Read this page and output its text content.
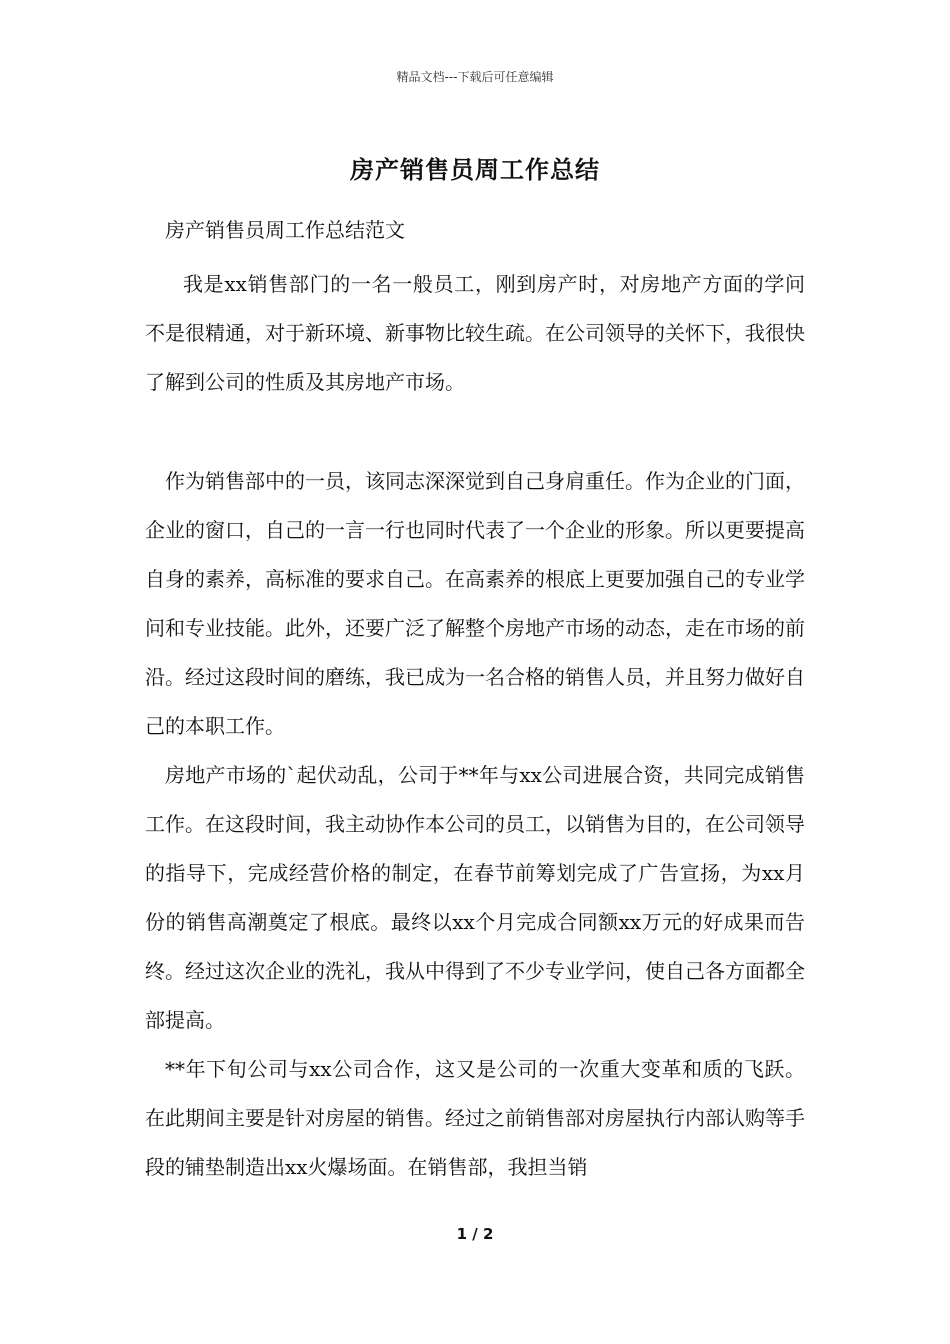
精品文档---下载后可任意编辑
房产销售员周工作总结

房产销售员周工作总结范文

我是xx销售部门的一名一般员工，刚到房产时，对房地产方面的学问不是很精通，对于新环境、新事物比较生疏。在公司领导的关怀下，我很快了解到公司的性质及其房地产市场。

作为销售部中的一员，该同志深深觉到自己身肩重任。作为企业的门面，企业的窗口，自己的一言一行也同时代表了一个企业的形象。所以更要提高自身的素养，高标准的要求自己。在高素养的根底上更要加强自己的专业学问和专业技能。此外，还要广泛了解整个房地产市场的动态，走在市场的前沿。经过这段时间的磨练，我已成为一名合格的销售人员，并且努力做好自己的本职工作。

房地产市场的`起伏动乱，公司于**年与xx公司进展合资，共同完成销售工作。在这段时间，我主动协作本公司的员工，以销售为目的，在公司领导的指导下，完成经营价格的制定，在春节前筹划完成了广告宣扬，为xx月份的销售高潮奠定了根底。最终以xx个月完成合同额xx万元的好成果而告终。经过这次企业的洗礼，我从中得到了不少专业学问，使自己各方面都全部提高。

**年下旬公司与xx公司合作，这又是公司的一次重大变革和质的飞跃。在此期间主要是针对房屋的销售。经过之前销售部对房屋执行内部认购等手段的铺垫制造出xx火爆场面。在销售部，我担当销

1 / 2
